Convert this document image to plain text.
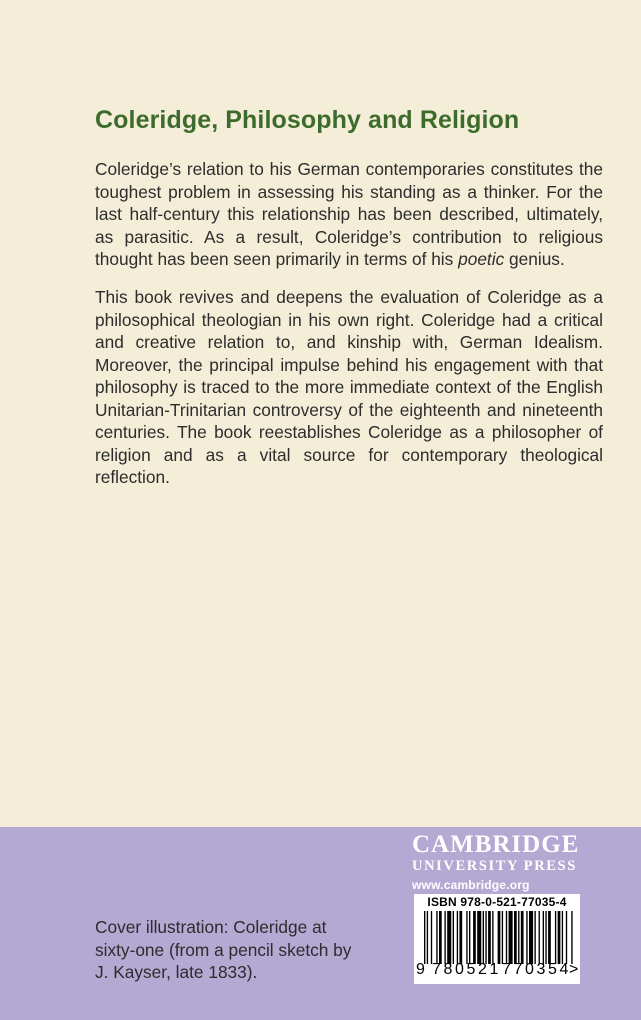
Coleridge, Philosophy and Religion
Coleridge’s relation to his German contemporaries constitutes the toughest problem in assessing his standing as a thinker. For the last half-century this relationship has been described, ultimately, as parasitic. As a result, Coleridge’s contribution to religious thought has been seen primarily in terms of his poetic genius.
This book revives and deepens the evaluation of Coleridge as a philosophical theologian in his own right. Coleridge had a critical and creative relation to, and kinship with, German Idealism. Moreover, the principal impulse behind his engagement with that philosophy is traced to the more immediate context of the English Unitarian-Trinitarian controversy of the eighteenth and nineteenth centuries. The book reestablishes Coleridge as a philosopher of religion and as a vital source for contemporary theological reflection.
Cover illustration: Coleridge at sixty-one (from a pencil sketch by J. Kayser, late 1833).
CAMBRIDGE
UNIVERSITY PRESS
www.cambridge.org
ISBN 978-0-521-77035-4
9 780521 770354
>
